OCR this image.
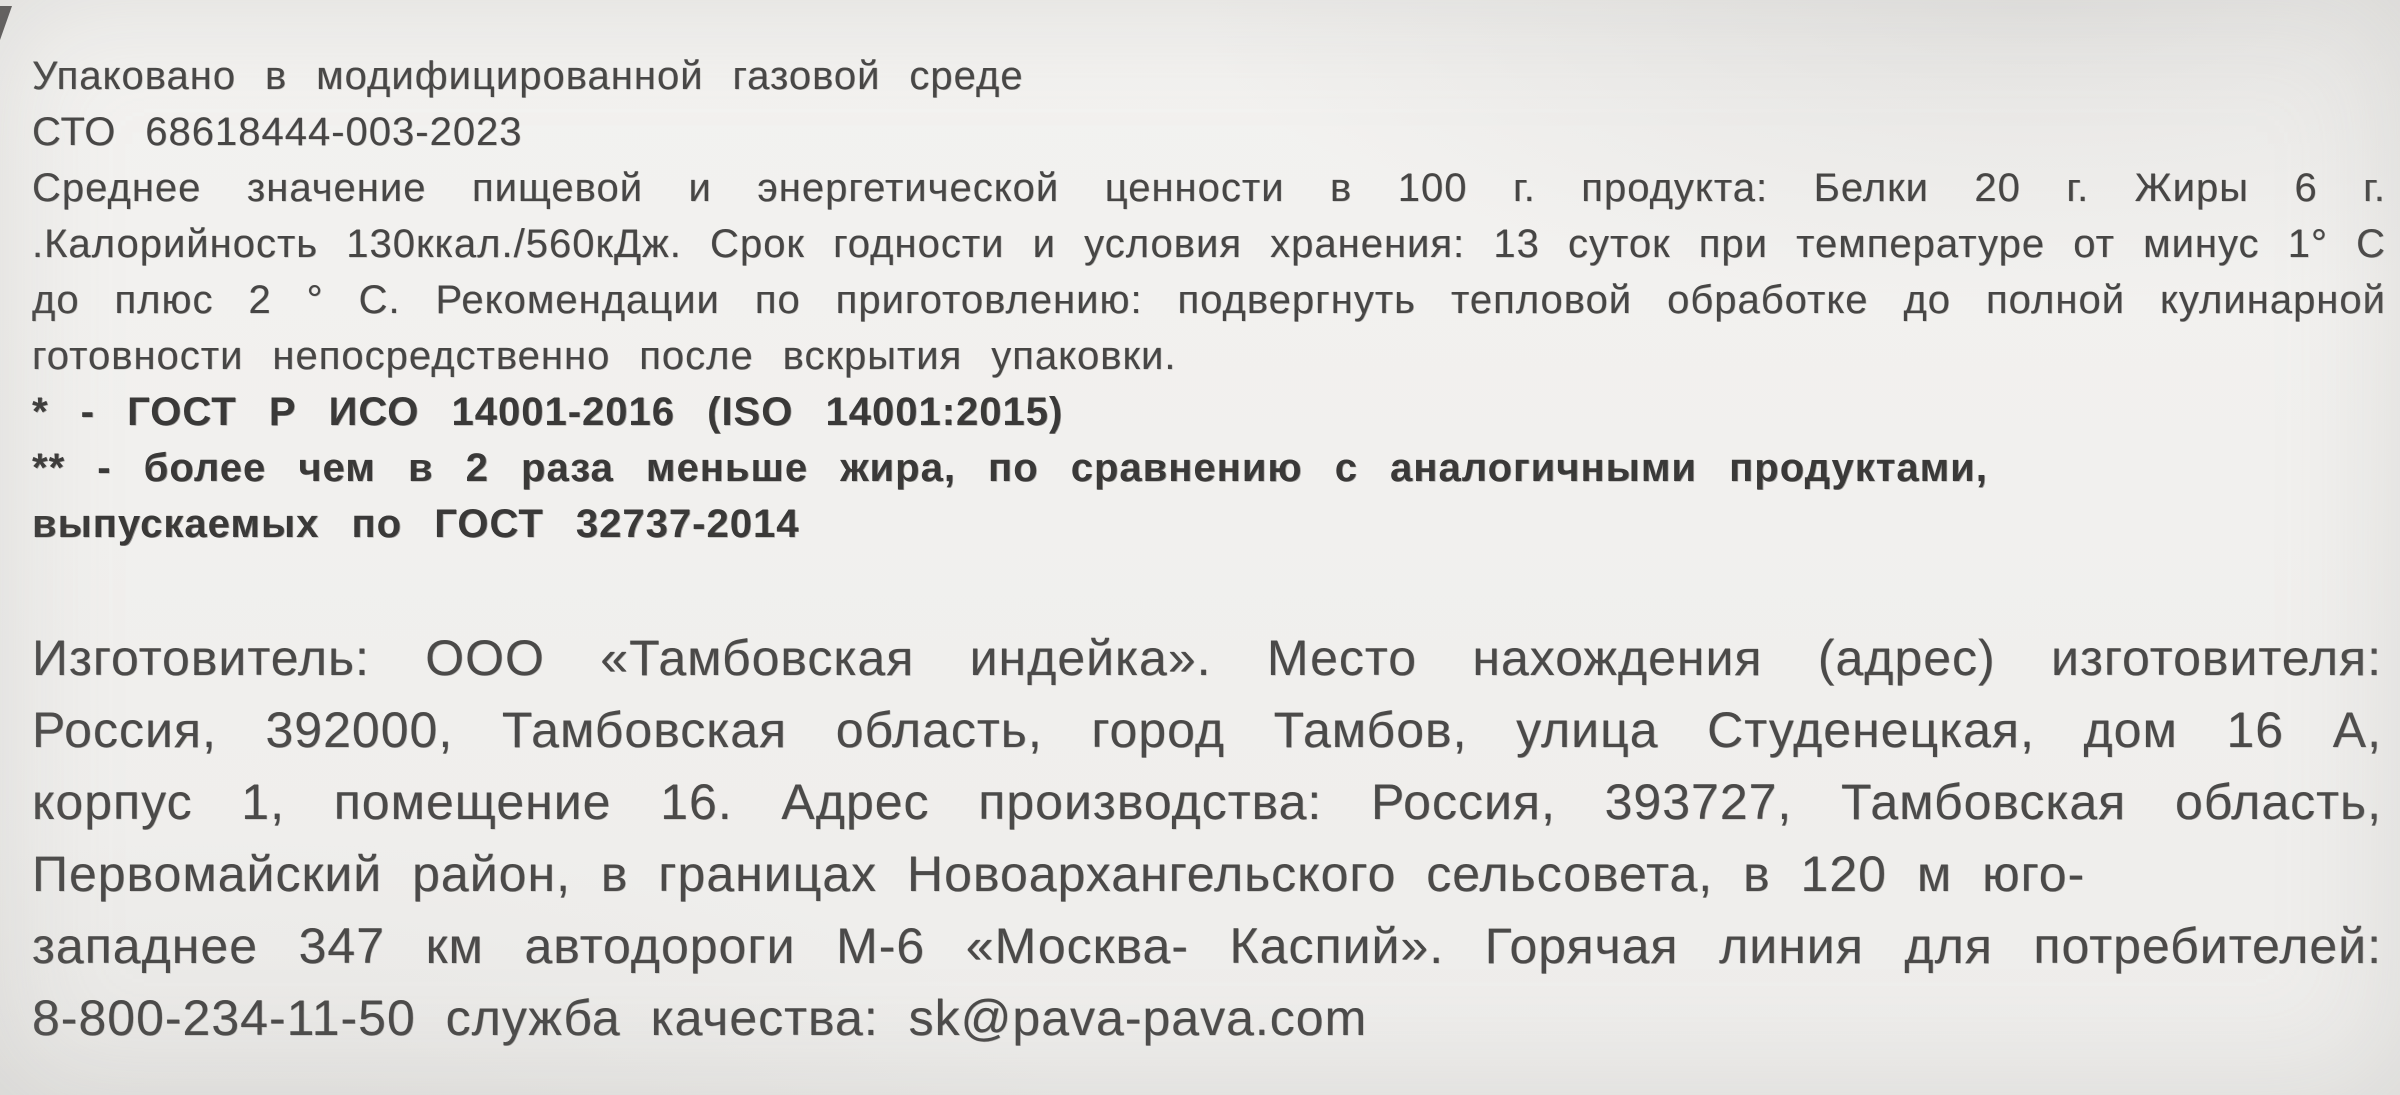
Упаковано в модифицированной газовой среде
СТО 68618444-003-2023
Среднее значение пищевой и энергетической ценности в 100 г. продукта: Белки 20 г. Жиры 6 г.
.Калорийность 130ккал./560кДж. Срок годности и условия хранения: 13 суток при температуре от минус 1° С
до плюс 2 ° С. Рекомендации по приготовлению: подвергнуть тепловой обработке до полной кулинарной
готовности непосредственно после вскрытия упаковки.
* - ГОСТ Р ИСО 14001-2016 (ISO 14001:2015)
** - более чем в 2 раза меньше жира, по сравнению с аналогичными продуктами,
выпускаемых по ГОСТ 32737-2014
Изготовитель: ООО «Тамбовская индейка». Место нахождения (адрес) изготовителя:
Россия, 392000, Тамбовская область, город Тамбов, улица Студенецкая, дом 16 А,
корпус 1, помещение 16. Адрес производства: Россия, 393727, Тамбовская область,
Первомайский район, в границах Новоархангельского сельсовета, в 120 м юго-
западнее 347 км автодороги М-6 «Москва- Каспий». Горячая линия для потребителей:
8-800-234-11-50 служба качества: sk@pava-pava.com
